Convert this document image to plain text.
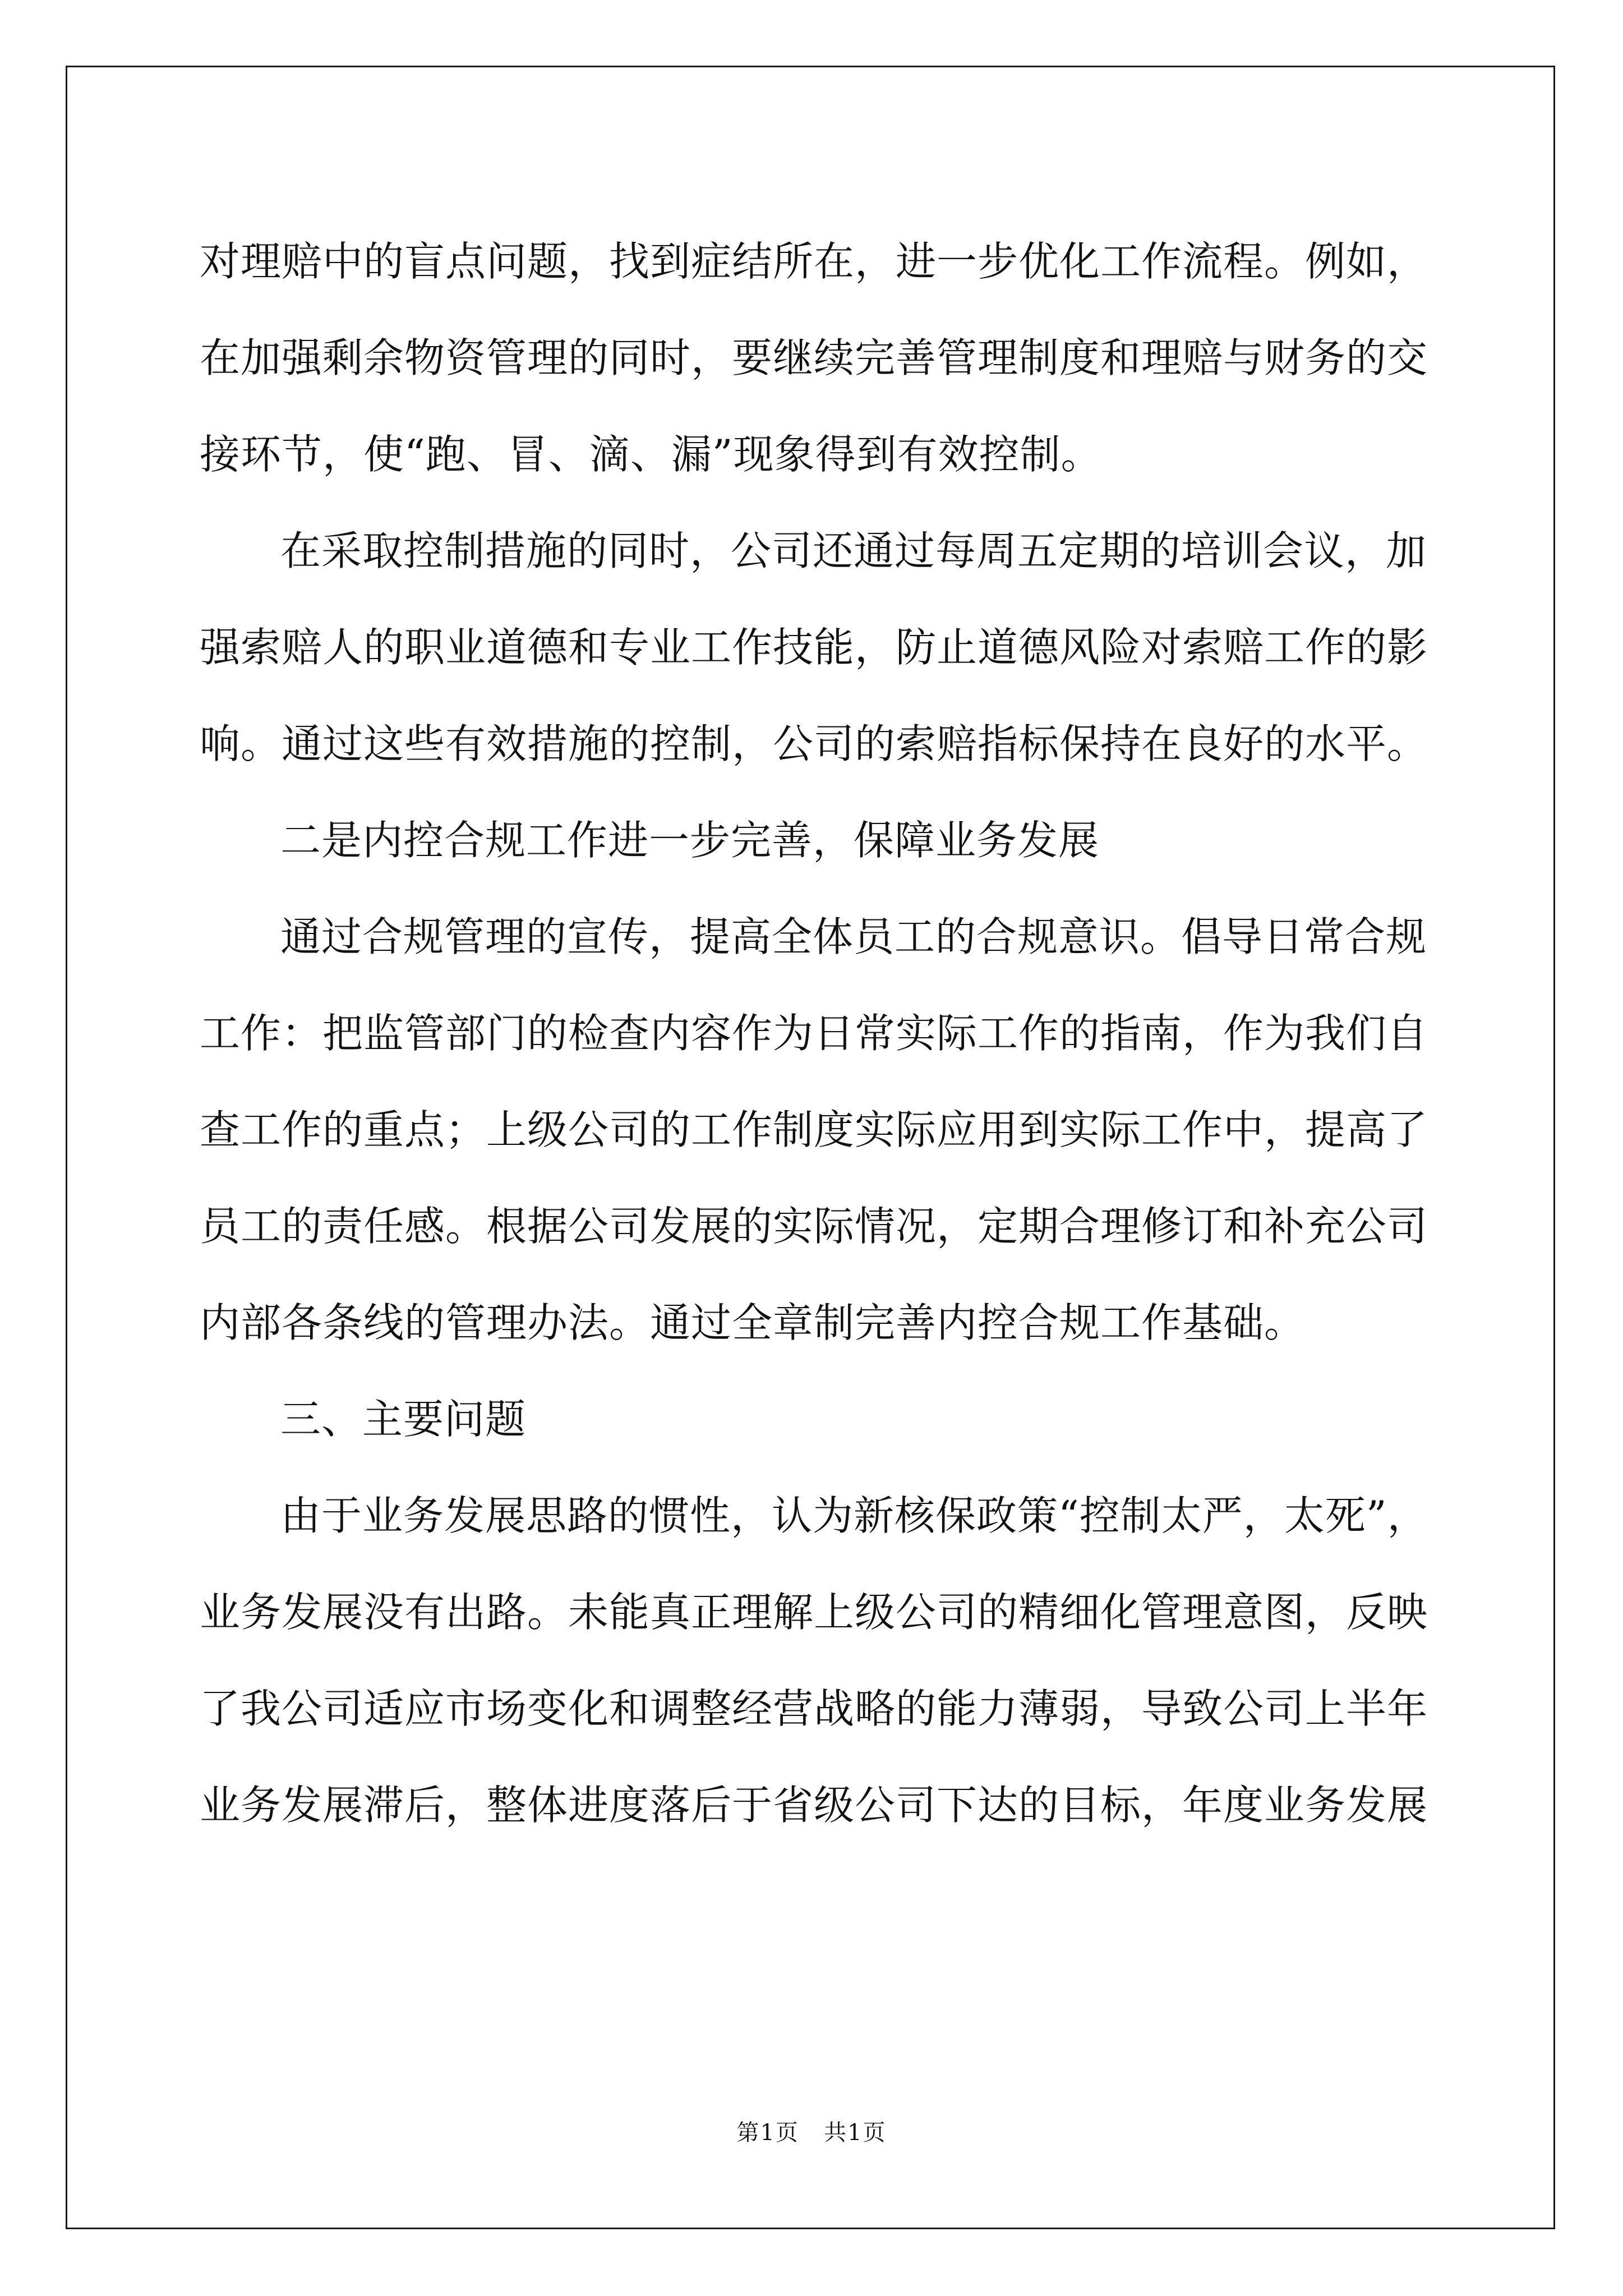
对理赔中的盲点问题，找到症结所在，进一步优化工作流程。例如，

在加强剩余物资管理的同时，要继续完善管理制度和理赔与财务的交

接环节，使“跑、冒、滴、漏”现象得到有效控制。

在采取控制措施的同时，公司还通过每周五定期的培训会议，加

强索赔人的职业道德和专业工作技能，防止道德风险对索赔工作的影

响。通过这些有效措施的控制，公司的索赔指标保持在良好的水平。

二是内控合规工作进一步完善，保障业务发展

通过合规管理的宣传，提高全体员工的合规意识。倡导日常合规

工作：把监管部门的检查内容作为日常实际工作的指南，作为我们自

查工作的重点；上级公司的工作制度实际应用到实际工作中，提高了

员工的责任感。根据公司发展的实际情况，定期合理修订和补充公司

内部各条线的管理办法。通过全章制完善内控合规工作基础。

三、主要问题

由于业务发展思路的惯性，认为新核保政策“控制太严，太死”，

业务发展没有出路。未能真正理解上级公司的精细化管理意图，反映

了我公司适应市场变化和调整经营战略的能力薄弱，导致公司上半年

业务发展滞后，整体进度落后于省级公司下达的目标，年度业务发展

第1页   共1页
